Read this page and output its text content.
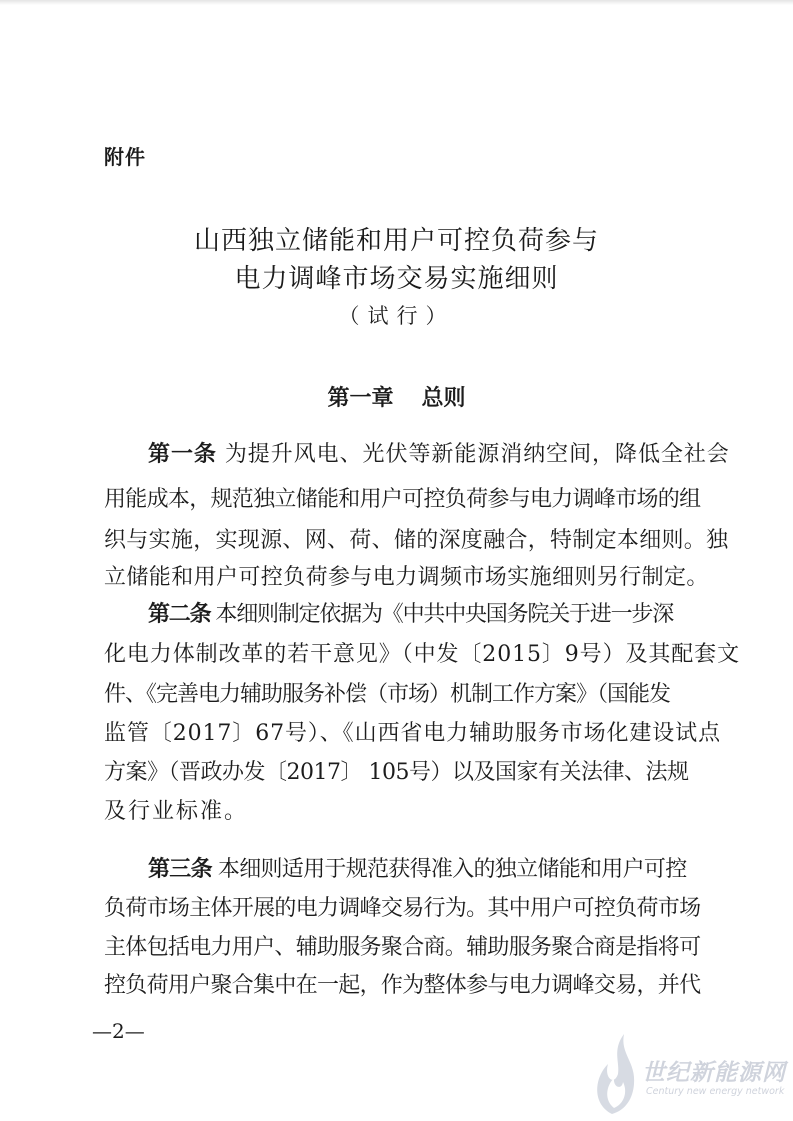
附件
山西独立储能和用户可控负荷参与
电力调峰市场交易实施细则
（试行）
第一章 总则
第一条 为提升风电、光伏等新能源消纳空间，降低全社会
用能成本，规范独立储能和用户可控负荷参与电力调峰市场的组
织与实施，实现源、网、荷、储的深度融合，特制定本细则。独
立储能和用户可控负荷参与电力调频市场实施细则另行制定。
第二条 本细则制定依据为《中共中央国务院关于进一步深
化电力体制改革的若干意见》（中发〔2015〕9号）及其配套文
件、《完善电力辅助服务补偿（市场）机制工作方案》（国能发
监管〔2017〕67号）、《山西省电力辅助服务市场化建设试点
方案》（晋政办发〔2017〕 105号）以及国家有关法律、法规
及行业标准。
第三条 本细则适用于规范获得准入的独立储能和用户可控
负荷市场主体开展的电力调峰交易行为。其中用户可控负荷市场
主体包括电力用户、辅助服务聚合商。辅助服务聚合商是指将可
控负荷用户聚合集中在一起，作为整体参与电力调峰交易，并代
—2—
世纪新能源网
Century new energy network
